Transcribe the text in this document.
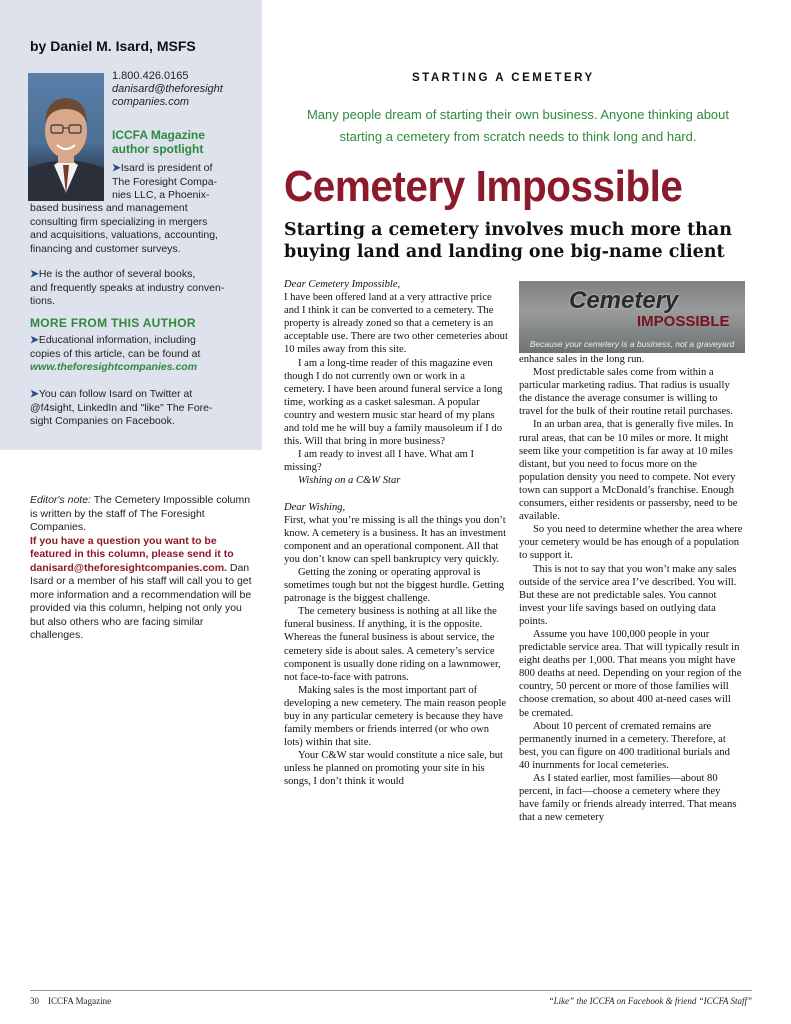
by Daniel M. Isard, MSFS
1.800.426.0165
danisard@theforesight
companies.com
ICCFA Magazine
author spotlight
➤Isard is president of
The Foresight Compa-
nies LLC, a Phoenix-
based business and management
consulting firm specializing in mergers
and acquisitions, valuations, accounting,
financing and customer surveys.
➤He is the author of several books,
and frequently speaks at industry conven-
tions.
MORE FROM THIS AUTHOR
➤Educational information, including
copies of this article, can be found at
www.theforesightcompanies.com
➤You can follow Isard on Twitter at
@f4sight, LinkedIn and "like" The Fore-
sight Companies on Facebook.
Editor's note: The Cemetery Impossible column is written by the staff of The Foresight Companies.
If you have a question you want to be featured in this column, please send it to danisard@theforesightcompanies.com. Dan Isard or a member of his staff will call you to get more information and a recommendation will be provided via this column, helping not only you but also others who are facing similar challenges.
STARTING A CEMETERY
Many people dream of starting their own business. Anyone thinking about starting a cemetery from scratch needs to think long and hard.
Cemetery Impossible
Starting a cemetery involves much more than buying land and landing one big-name client
Cemetery
IMPOSSIBLE
Because your cemetery is a business, not a graveyard

Dear Cemetery Impossible,

I have been offered land at a very attractive price and I think it can be converted to a cemetery. The property is already zoned so that a cemetery is an acceptable use. There are two other cemeteries about 10 miles away from this site.

I am a long-time reader of this magazine even though I do not currently own or work in a cemetery. I have been around funeral service a long time, working as a casket salesman. A popular country and western music star heard of my plans and told me he will buy a family mausoleum if I do this. Will that bring in more business?

I am ready to invest all I have. What am I missing?

Wishing on a C&W Star

Dear Wishing,

First, what you’re missing is all the things you don’t know. A cemetery is a business. It has an investment component and an operational component. All that you don’t know can spell bankruptcy very quickly.

Getting the zoning or operating approval is sometimes tough but not the biggest hurdle. Getting patronage is the biggest challenge.

The cemetery business is nothing at all like the funeral business. If anything, it is the opposite. Whereas the funeral business is about service, the cemetery side is about sales. A cemetery’s service component is usually done riding on a lawnmower, not face-to-face with patrons.

Making sales is the most important part of developing a new cemetery. The main reason people buy in any particular cemetery is because they have family members or friends interred (or who own lots) within that site.

Your C&W star would constitute a nice sale, but unless he planned on promoting your site in his songs, I don’t think it would

enhance sales in the long run.

Most predictable sales come from within a particular marketing radius. That radius is usually the distance the average consumer is willing to travel for the bulk of their routine retail purchases.

In an urban area, that is generally five miles. In rural areas, that can be 10 miles or more. It might seem like your competition is far away at 10 miles distant, but you need to focus more on the population density you need to compete. Not every town can support a McDonald’s franchise. Enough consumers, either residents or passersby, need to be available.

So you need to determine whether the area where your cemetery would be has enough of a population to support it.

This is not to say that you won’t make any sales outside of the service area I’ve described. You will. But these are not predictable sales. You cannot invest your life savings based on outlying data points.

Assume you have 100,000 people in your predictable service area. That will typically result in eight deaths per 1,000. That means you might have 800 deaths at need. Depending on your region of the country, 50 percent or more of those families will choose cremation, so about 400 at-need cases will be cremated.

About 10 percent of cremated remains are permanently inurned in a cemetery. Therefore, at best, you can figure on 400 traditional burials and 40 inurnments for local cemeteries.

As I stated earlier, most families—about 80 percent, in fact—choose a cemetery where they have family or friends already interred. That means that a new cemetery

30 ICCFA Magazine	“Like” the ICCFA on Facebook & friend “ICCFA Staff”
